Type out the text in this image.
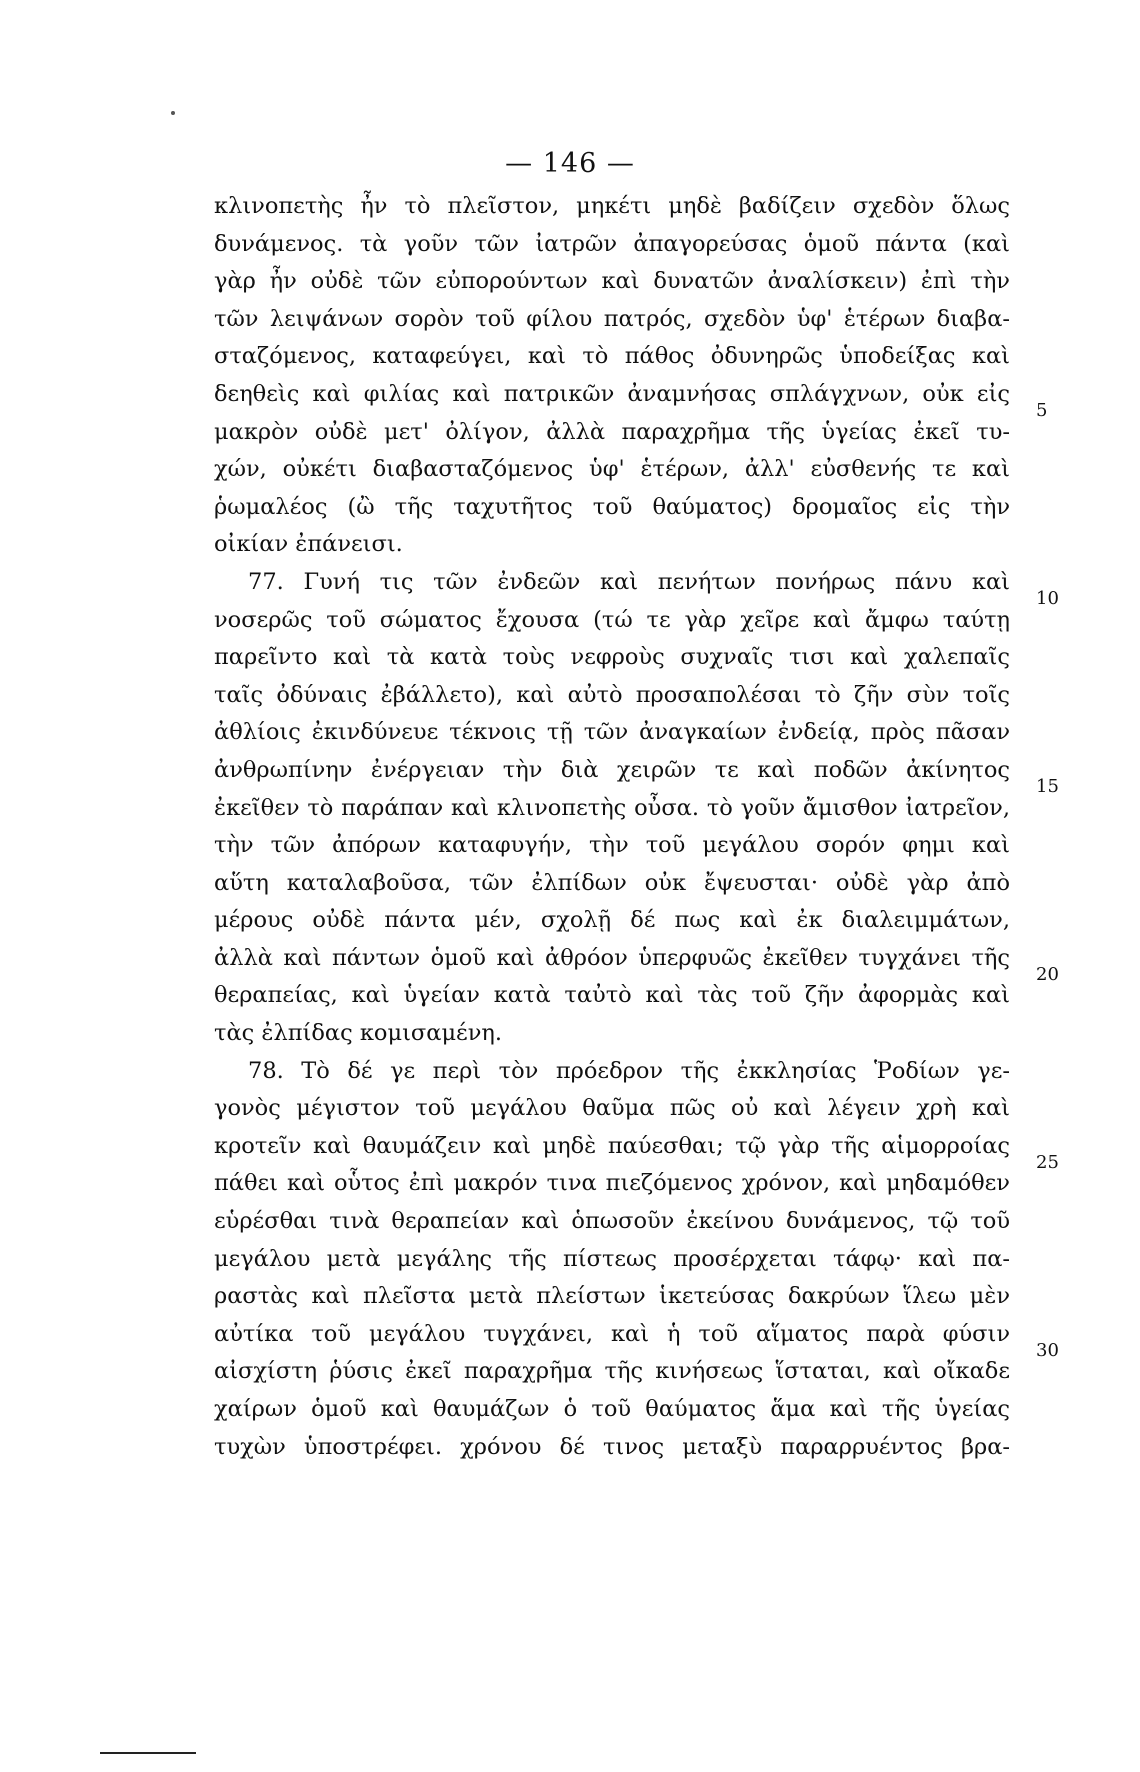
— 146 —
κλινοπετὴς ἦν τὸ πλεῖστον, μηκέτι μηδὲ βαδίζειν σχεδὸν ὅλως
δυνάμενος. τὰ γοῦν τῶν ἰατρῶν ἀπαγορεύσας ὁμοῦ πάντα (καὶ
γὰρ ἦν οὐδὲ τῶν εὐπορούντων καὶ δυνατῶν ἀναλίσκειν) ἐπὶ τὴν
τῶν λειψάνων σορὸν τοῦ φίλου πατρός, σχεδὸν ὑφ' ἑτέρων διαβα-
σταζόμενος, καταφεύγει, καὶ τὸ πάθος ὀδυνηρῶς ὑποδείξας καὶ
δεηθεὶς καὶ φιλίας καὶ πατρικῶν ἀναμνήσας σπλάγχνων, οὐκ εἰς
μακρὸν οὐδὲ μετ' ὀλίγον, ἀλλὰ παραχρῆμα τῆς ὑγείας ἐκεῖ τυ-
χών, οὐκέτι διαβασταζόμενος ὑφ' ἑτέρων, ἀλλ' εὐσθενής τε καὶ
ῥωμαλέος (ὢ τῆς ταχυτῆτος τοῦ θαύματος) δρομαῖος εἰς τὴν
οἰκίαν ἐπάνεισι.
77. Γυνή τις τῶν ἐνδεῶν καὶ πενήτων πονήρως πάνυ καὶ
νοσερῶς τοῦ σώματος ἔχουσα (τώ τε γὰρ χεῖρε καὶ ἄμφω ταύτῃ
παρεῖντο καὶ τὰ κατὰ τοὺς νεφροὺς συχναῖς τισι καὶ χαλεπαῖς
ταῖς ὀδύναις ἐβάλλετο), καὶ αὐτὸ προσαπολέσαι τὸ ζῆν σὺν τοῖς
ἀθλίοις ἐκινδύνευε τέκνοις τῇ τῶν ἀναγκαίων ἐνδείᾳ, πρὸς πᾶσαν
ἀνθρωπίνην ἐνέργειαν τὴν διὰ χειρῶν τε καὶ ποδῶν ἀκίνητος
ἐκεῖθεν τὸ παράπαν καὶ κλινοπετὴς οὖσα. τὸ γοῦν ἄμισθον ἰατρεῖον,
τὴν τῶν ἀπόρων καταφυγήν, τὴν τοῦ μεγάλου σορόν φημι καὶ
αὕτη καταλαβοῦσα, τῶν ἐλπίδων οὐκ ἔψευσται· οὐδὲ γὰρ ἀπὸ
μέρους οὐδὲ πάντα μέν, σχολῇ δέ πως καὶ ἐκ διαλειμμάτων,
ἀλλὰ καὶ πάντων ὁμοῦ καὶ ἀθρόον ὑπερφυῶς ἐκεῖθεν τυγχάνει τῆς
θεραπείας, καὶ ὑγείαν κατὰ ταὐτὸ καὶ τὰς τοῦ ζῆν ἀφορμὰς καὶ
τὰς ἐλπίδας κομισαμένη.
78. Τὸ δέ γε περὶ τὸν πρόεδρον τῆς ἐκκλησίας Ῥοδίων γε-
γονὸς μέγιστον τοῦ μεγάλου θαῦμα πῶς οὐ καὶ λέγειν χρὴ καὶ
κροτεῖν καὶ θαυμάζειν καὶ μηδὲ παύεσθαι; τῷ γὰρ τῆς αἱμορροίας
πάθει καὶ οὗτος ἐπὶ μακρόν τινα πιεζόμενος χρόνον, καὶ μηδαμόθεν
εὑρέσθαι τινὰ θεραπείαν καὶ ὁπωσοῦν ἐκείνου δυνάμενος, τῷ τοῦ
μεγάλου μετὰ μεγάλης τῆς πίστεως προσέρχεται τάφῳ· καὶ πα-
ραστὰς καὶ πλεῖστα μετὰ πλείστων ἱκετεύσας δακρύων ἵλεω μὲν
αὐτίκα τοῦ μεγάλου τυγχάνει, καὶ ἡ τοῦ αἵματος παρὰ φύσιν
αἰσχίστη ῥύσις ἐκεῖ παραχρῆμα τῆς κινήσεως ἵσταται, καὶ οἴκαδε
χαίρων ὁμοῦ καὶ θαυμάζων ὁ τοῦ θαύματος ἅμα καὶ τῆς ὑγείας
τυχὼν ὑποστρέφει. χρόνου δέ τινος μεταξὺ παραρρυέντος βρα-
5
10
15
20
25
30
